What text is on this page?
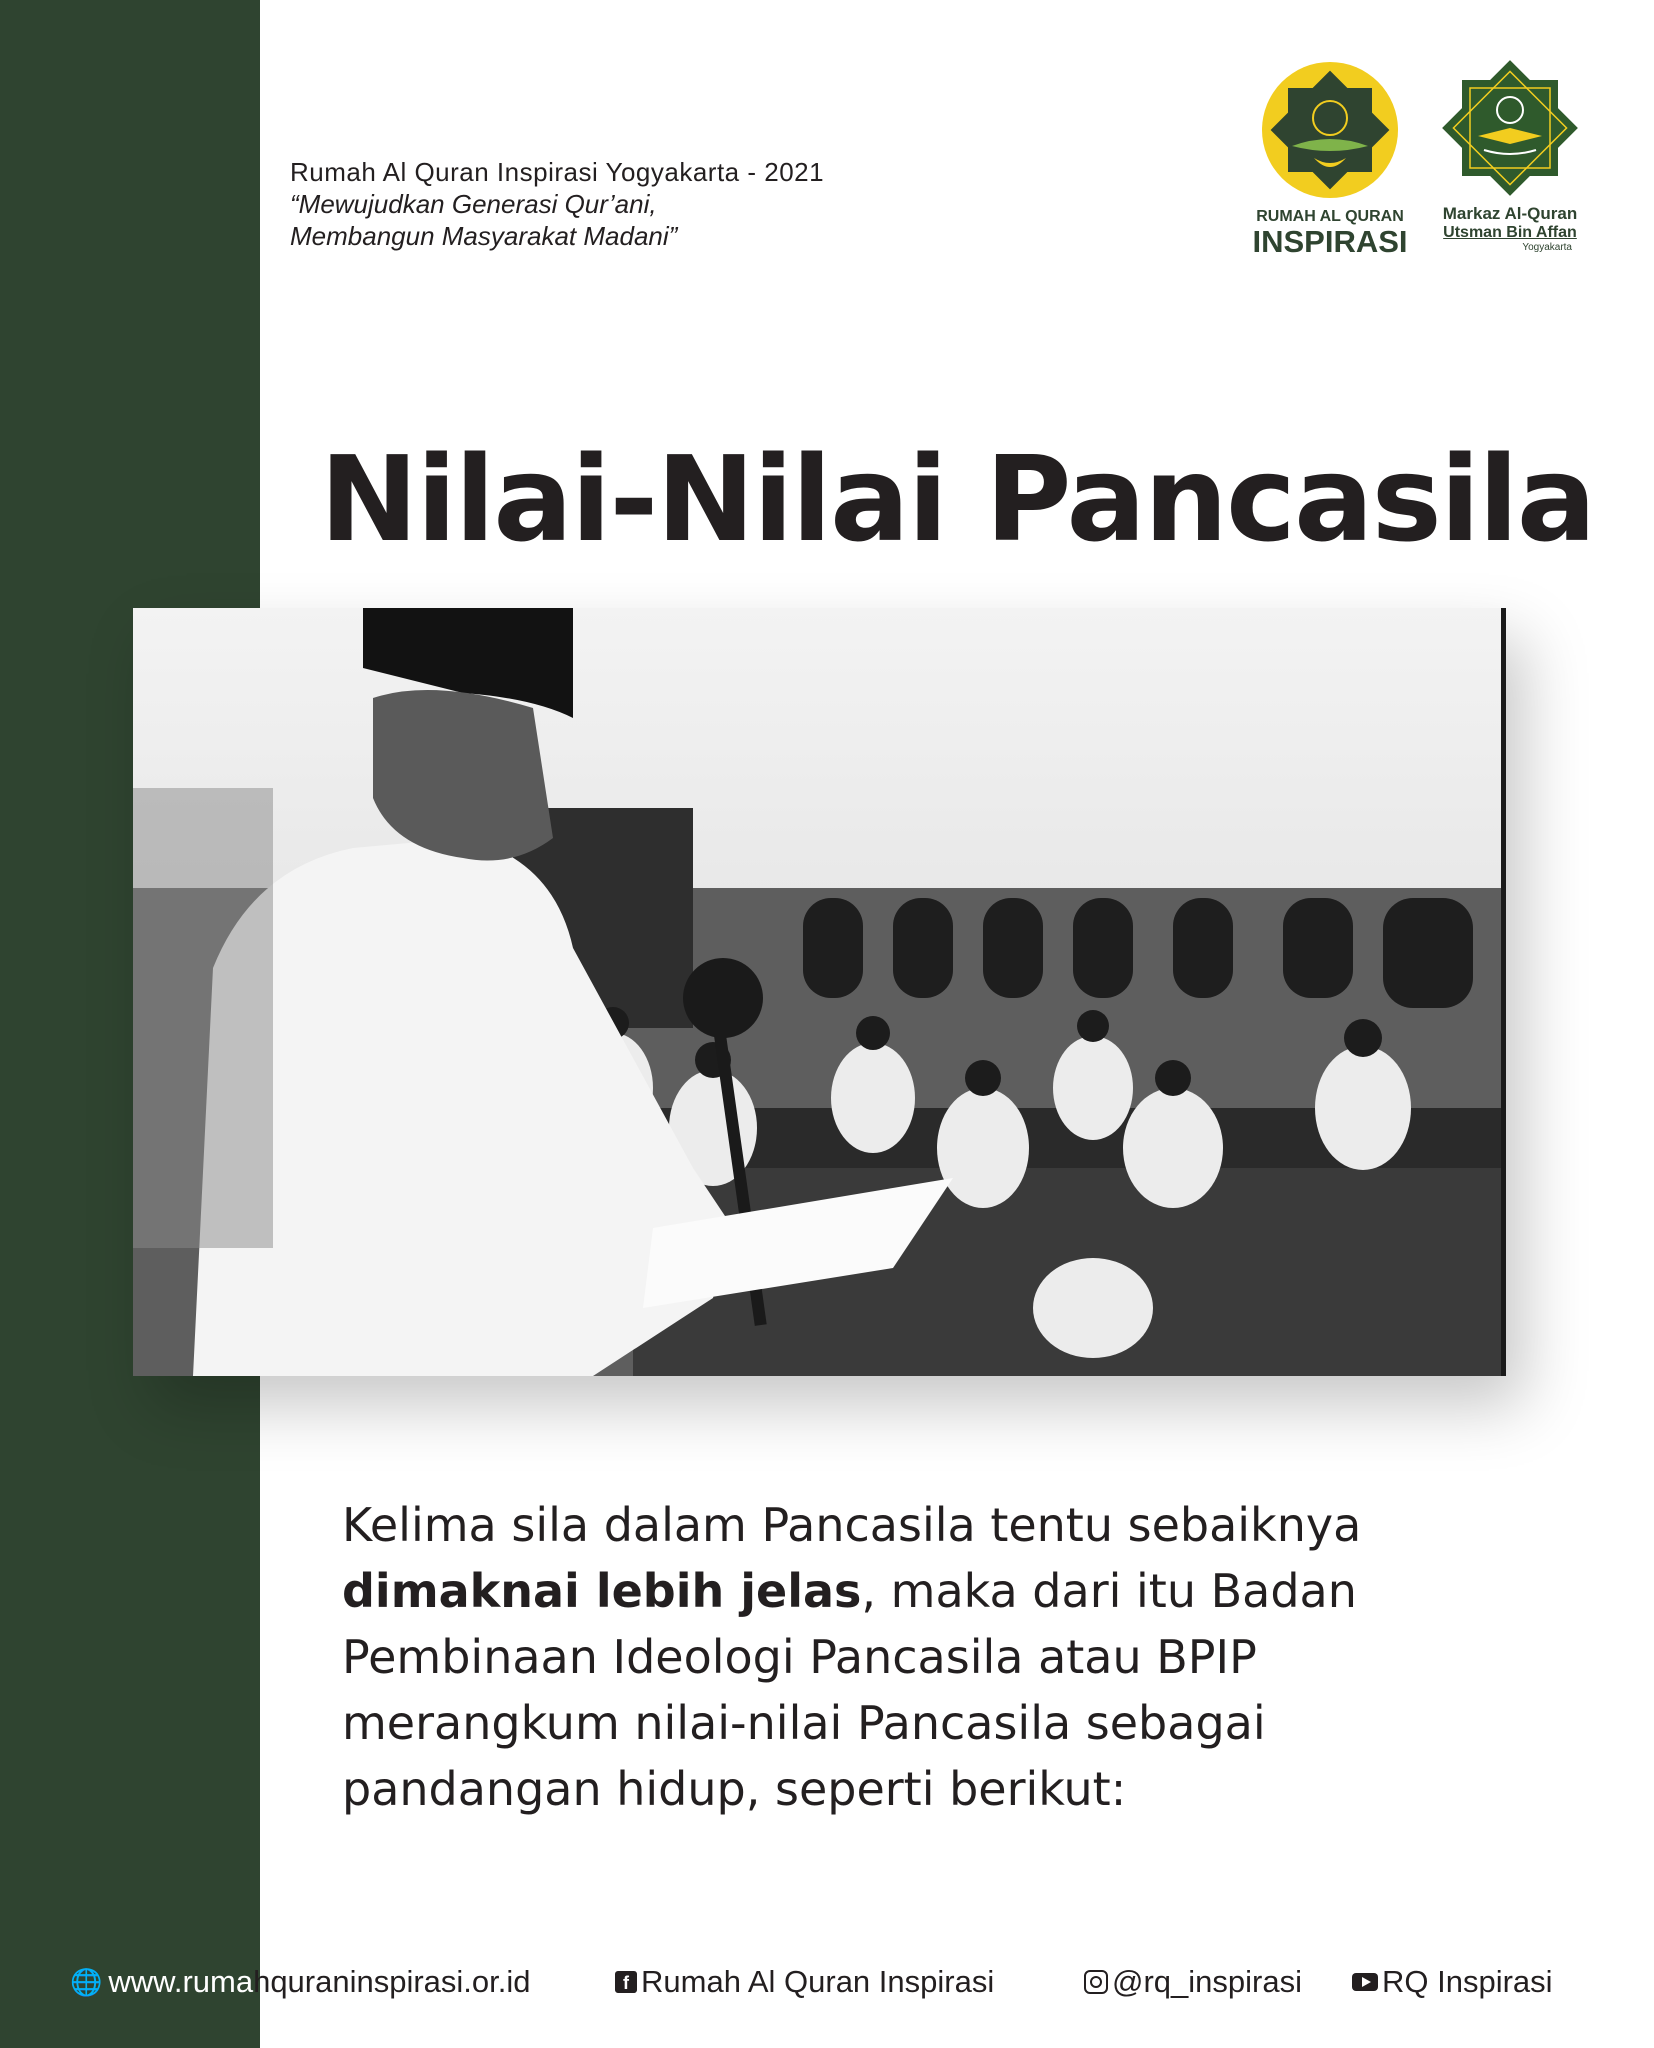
Rumah Al Quran Inspirasi Yogyakarta - 2021
“Mewujudkan Generasi Qur’ani,
Membangun Masyarakat Madani”
RUMAH AL QURAN
INSPIRASI
Markaz Al-Quran
Utsman Bin Affan
Yogyakarta
Nilai-Nilai Pancasila
Kelima sila dalam Pancasila tentu sebaiknya dimaknai lebih jelas, maka dari itu Badan Pembinaan Ideologi Pancasila atau BPIP merangkum nilai-nilai Pancasila sebagai pandangan hidup, seperti berikut:
🌐 www.ruma hquraninspirasi.or.id	f Rumah Al Quran Inspirasi	@rq_inspirasi	RQ Inspirasi
